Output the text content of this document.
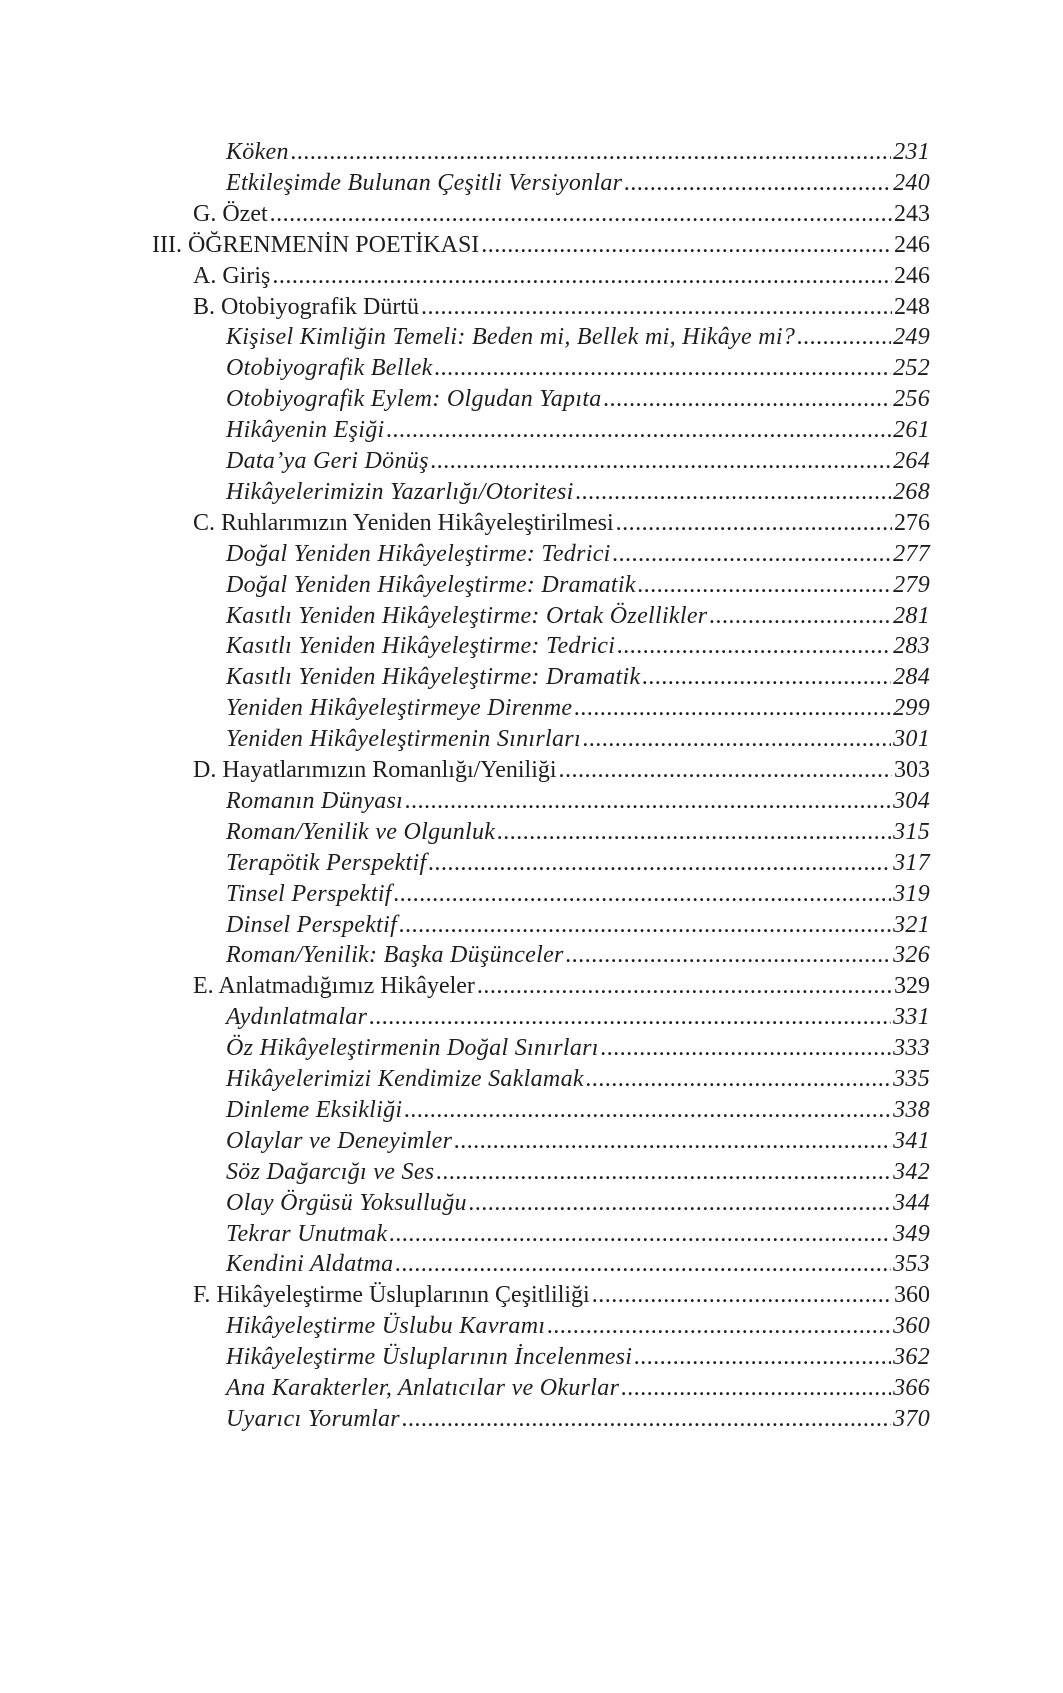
Köken .....	231
Etkileşimde Bulunan Çeşitli Versiyonlar .....	240
G. Özet .....	243
III. ÖĞRENMENİN POETİKASI .....	246
A. Giriş .....	246
B. Otobiyografik Dürtü .....	248
Kişisel Kimliğin Temeli: Beden mi, Bellek mi, Hikâye mi? .....	249
Otobiyografik Bellek .....	252
Otobiyografik Eylem: Olgudan Yapıta .....	256
Hikâyenin Eşiği .....	261
Data’ya Geri Dönüş .....	264
Hikâyelerimizin Yazarlığı/Otoritesi .....	268
C. Ruhlarımızın Yeniden Hikâyeleştirilmesi .....	276
Doğal Yeniden Hikâyeleştirme: Tedrici .....	277
Doğal Yeniden Hikâyeleştirme: Dramatik .....	279
Kasıtlı Yeniden Hikâyeleştirme: Ortak Özellikler .....	281
Kasıtlı Yeniden Hikâyeleştirme: Tedrici .....	283
Kasıtlı Yeniden Hikâyeleştirme: Dramatik .....	284
Yeniden Hikâyeleştirmeye Direnme .....	299
Yeniden Hikâyeleştirmenin Sınırları .....	301
D. Hayatlarımızın Romanlığı/Yeniliği .....	303
Romanın Dünyası .....	304
Roman/Yenilik ve Olgunluk .....	315
Terapötik Perspektif .....	317
Tinsel Perspektif .....	319
Dinsel Perspektif .....	321
Roman/Yenilik: Başka Düşünceler .....	326
E. Anlatmadığımız Hikâyeler .....	329
Aydınlatmalar .....	331
Öz Hikâyeleştirmenin Doğal Sınırları .....	333
Hikâyelerimizi Kendimize Saklamak .....	335
Dinleme Eksikliği .....	338
Olaylar ve Deneyimler .....	341
Söz Dağarcığı ve Ses .....	342
Olay Örgüsü Yoksulluğu .....	344
Tekrar Unutmak .....	349
Kendini Aldatma .....	353
F. Hikâyeleştirme Üsluplarının Çeşitliliği .....	360
Hikâyeleştirme Üslubu Kavramı .....	360
Hikâyeleştirme Üsluplarının İncelenmesi .....	362
Ana Karakterler, Anlatıcılar ve Okurlar .....	366
Uyarıcı Yorumlar .....	370
